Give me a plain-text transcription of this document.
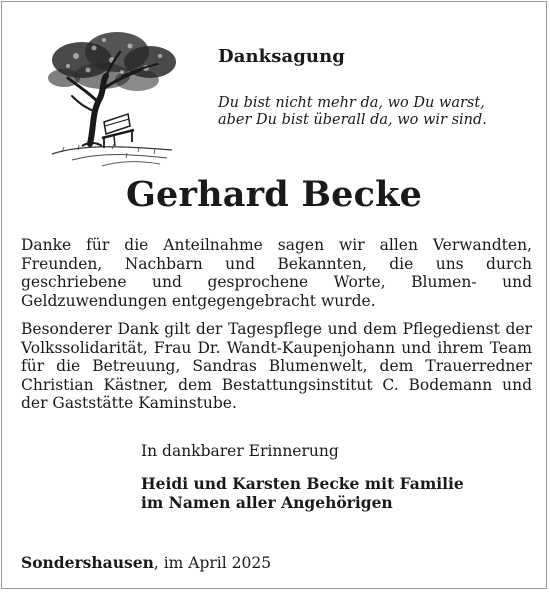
Danksagung
Du bist nicht mehr da, wo Du warst,
aber Du bist überall da, wo wir sind.
Gerhard Becke
Danke für die Anteilnahme sagen wir allen Verwandten, Freunden, Nachbarn und Bekannten, die uns durch geschriebene und gesprochene Worte, Blumen- und Geldzuwendungen entgegengebracht wurde.
Besonderer Dank gilt der Tagespflege und dem Pflegedienst der Volkssolidarität, Frau Dr. Wandt-Kaupenjohann und ihrem Team für die Betreuung, Sandras Blumenwelt, dem Trauerredner Christian Kästner, dem Bestattungsinstitut C. Bodemann und der Gaststätte Kaminstube.
In dankbarer Erinnerung
Heidi und Karsten Becke mit Familie
im Namen aller Angehörigen
Sondershausen, im April 2025
